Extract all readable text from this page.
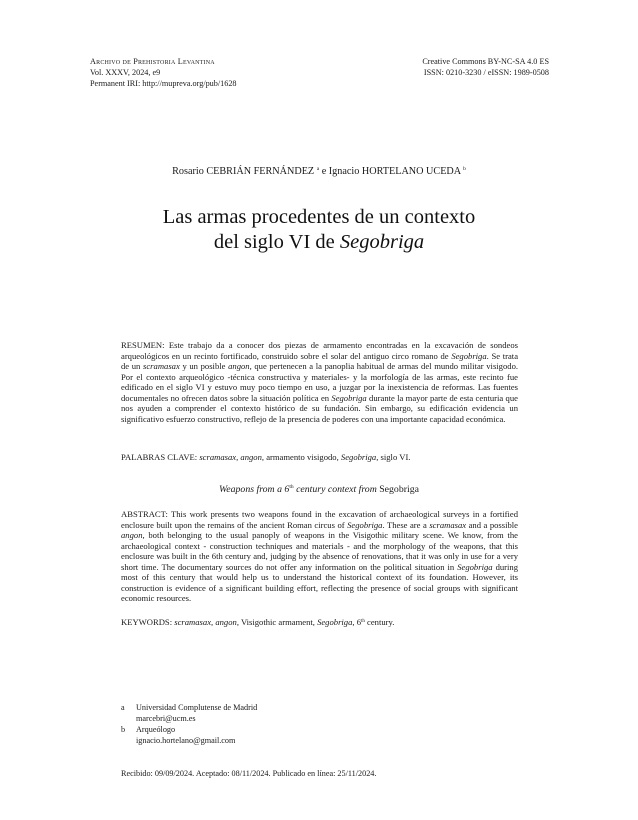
Archivo de Prehistoria Levantina
Vol. XXXV, 2024, e9
Permanent IRI: http://mupreva.org/pub/1628
Creative Commons BY-NC-SA 4.0 ES
ISSN: 0210-3230 / eISSN: 1989-0508
Rosario CEBRIÁN FERNÁNDEZ $^a$ e Ignacio HORTELANO UCEDA $^b$
Las armas procedentes de un contexto
del siglo VI de Segobriga
RESUMEN: Este trabajo da a conocer dos piezas de armamento encontradas en la excavación de sondeos arqueológicos en un recinto fortificado, construido sobre el solar del antiguo circo romano de Segobriga. Se trata de un scramasax y un posible angon, que pertenecen a la panoplia habitual de armas del mundo militar visigodo. Por el contexto arqueológico -técnica constructiva y materiales- y la morfología de las armas, este recinto fue edificado en el siglo VI y estuvo muy poco tiempo en uso, a juzgar por la inexistencia de reformas. Las fuentes documentales no ofrecen datos sobre la situación política en Segobriga durante la mayor parte de esta centuria que nos ayuden a comprender el contexto histórico de su fundación. Sin embargo, su edificación evidencia un significativo esfuerzo constructivo, reflejo de la presencia de poderes con una importante capacidad económica.
PALABRAS CLAVE: scramasax, angon, armamento visigodo, Segobriga, siglo VI.
Weapons from a 6th century context from Segobriga
ABSTRACT: This work presents two weapons found in the excavation of archaeological surveys in a fortified enclosure built upon the remains of the ancient Roman circus of Segobriga. These are a scramasax and a possible angon, both belonging to the usual panoply of weapons in the Visigothic military scene. We know, from the archaeological context - construction techniques and materials - and the morphology of the weapons, that this enclosure was built in the 6th century and, judging by the absence of renovations, that it was only in use for a very short time. The documentary sources do not offer any information on the political situation in Segobriga during most of this century that would help us to understand the historical context of its foundation. However, its construction is evidence of a significant building effort, reflecting the presence of social groups with significant economic resources.
KEYWORDS: scramasax, angon, Visigothic armament, Segobriga, 6th century.
a	Universidad Complutense de Madrid
marcebri@ucm.es
b	Arqueólogo
ignacio.hortelano@gmail.com
Recibido: 09/09/2024. Aceptado: 08/11/2024. Publicado en línea: 25/11/2024.
